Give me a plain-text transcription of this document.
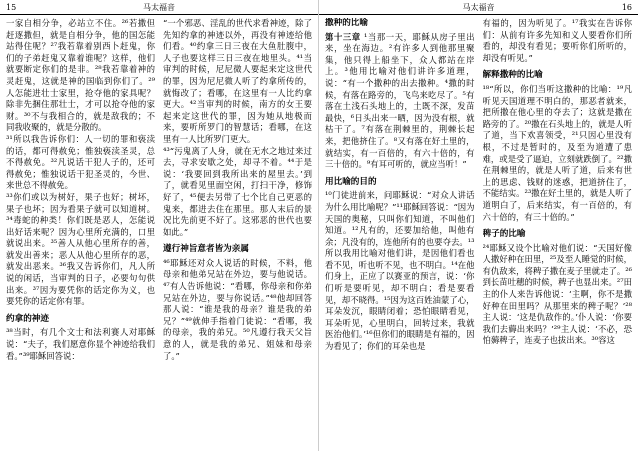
15	马太福音

一家自相分争，必站立不住。²⁶若撒但赶逐撒但，就是自相分争，他的国怎能站得住呢？²⁷我若靠着别西卜赶鬼，你们的子弟赶鬼又靠着谁呢？这样，他们就要断定你们的是非。²⁸我若靠着神的灵赶鬼，这就是神的国临到你们了。²⁹人怎能进壮士家里，抢夺他的家具呢？除非先捆住那壮士，才可以抢夺他的家财。³⁰不与我相合的，就是敌我的；不同我收聚的，就是分散的。

³¹所以我告诉你们：人一切的罪和亵渎的话，都可得赦免；惟独亵渎圣灵，总不得赦免。³²凡说话干犯人子的，还可得赦免；惟独说话干犯圣灵的，今世、来世总不得赦免。

³³你们或以为树好，果子也好；树坏，果子也坏；因为看果子就可以知道树。³⁴毒蛇的种类！你们既是恶人，怎能说出好话来呢？因为心里所充满的，口里就说出来。³⁵善人从他心里所存的善，就发出善来；恶人从他心里所存的恶，就发出恶来。³⁶我又告诉你们，凡人所说的闲话，当审判的日子，必要句句供出来。³⁷因为要凭你的话定你为义，也要凭你的话定你有罪。

约拿的神迹

³⁸当时，有几个文士和法利赛人对耶稣说：“夫子，我们愿意你显个神迹给我们看。”³⁹耶稣回答说：

“一个邪恶、淫乱的世代求看神迹，除了先知约拿的神迹以外，再没有神迹给他们看。⁴⁰约拿三日三夜在大鱼肚腹中，人子也要这样三日三夜在地里头。⁴¹当审判的时候，尼尼微人要起来定这世代的罪，因为尼尼微人听了约拿所传的，就悔改了；看哪，在这里有一人比约拿更大。⁴²当审判的时候，南方的女王要起来定这世代的罪，因为她从地极而来，要听所罗门的智慧话；看哪，在这里有一人比所罗门更大。

⁴³“污鬼离了人身，就在无水之地过来过去，寻求安歇之处，却寻不着。⁴⁴于是说：‘我要回到我所出来的屋里去。’到了，就看见里面空闲，打扫干净，修饰好了，⁴⁵便去另带了七个比自己更恶的鬼来，都进去住在那里。那人末后的景况比先前更不好了。这邪恶的世代也要如此。”

遵行神旨意者皆为亲属

⁴⁶耶稣还对众人说话的时候，不料，他母亲和他弟兄站在外边，要与他说话。⁴⁷有人告诉他说：“看哪，你母亲和你弟兄站在外边，要与你说话。”⁴⁸他却回答那人说：“谁是我的母亲？谁是我的弟兄？”⁴⁹就伸手指着门徒说：“看哪，我的母亲，我的弟兄。⁵⁰凡遵行我天父旨意的人，就是我的弟兄、姐妹和母亲了。”

马太福音	16
撒种的比喻

第十三章 ¹当那一天，耶稣从房子里出来，坐在海边。²有许多人到他那里聚集，他只得上船坐下，众人都站在岸上。³他用比喻对他们讲许多道理，说：“有一个撒种的出去撒种。⁴撒的时候，有落在路旁的，飞鸟来吃尽了。⁵有落在土浅石头地上的，土既不深，发苗最快，⁶日头出来一晒，因为没有根，就枯干了。⁷有落在荆棘里的，荆棘长起来，把他挤住了。⁸又有落在好土里的，就结实，有一百倍的，有六十倍的，有三十倍的。⁹有耳可听的，就应当听！”

用比喻的目的

¹⁰门徒进前来，问耶稣说：“对众人讲话为什么用比喻呢？”¹¹耶稣回答说：“因为天国的奥秘，只叫你们知道，不叫他们知道。¹²凡有的，还要加给他，叫他有余；凡没有的，连他所有的也要夺去。¹³所以我用比喻对他们讲，是因他们看也看不见，听也听不见，也不明白。¹⁴在他们身上，正应了以赛亚的预言，说：‘你们听是要听见，却不明白；看是要看见，却不晓得。¹⁵因为这百姓油蒙了心，耳朵发沉，眼睛闭着；恐怕眼睛看见，耳朵听见，心里明白，回转过来，我就医治他们。’¹⁶但你们的眼睛是有福的，因为看见了；你们的耳朵也是

有福的，因为听见了。¹⁷我实在告诉你们：从前有许多先知和义人要看你们所看的，却没有看见；要听你们所听的，却没有听见。”

解释撒种的比喻

¹⁸“所以，你们当听这撒种的比喻：¹⁹凡听见天国道理不明白的，那恶者就来，把所撒在他心里的夺去了；这就是撒在路旁的了。²⁰撒在石头地上的，就是人听了道，当下欢喜领受，²¹只因心里没有根，不过是暂时的，及至为道遭了患难，或是受了逼迫，立刻就跌倒了。²²撒在荆棘里的，就是人听了道，后来有世上的思虑、钱财的迷惑，把道挤住了，不能结实。²³撒在好土里的，就是人听了道明白了，后来结实，有一百倍的，有六十倍的，有三十倍的。”

稗子的比喻

²⁴耶稣又设个比喻对他们说：“天国好像人撒好种在田里，²⁵及至人睡觉的时候，有仇敌来，将稗子撒在麦子里就走了。²⁶到长苗吐穗的时候，稗子也显出来。²⁷田主的仆人来告诉他说：‘主啊，你不是撒好种在田里吗？从那里来的稗子呢？’²⁸主人说：‘这是仇敌作的。’仆人说：‘你要我们去薅出来吗？’²⁹主人说：‘不必，恐怕薅稗子，连麦子也拔出来。³⁰容这
